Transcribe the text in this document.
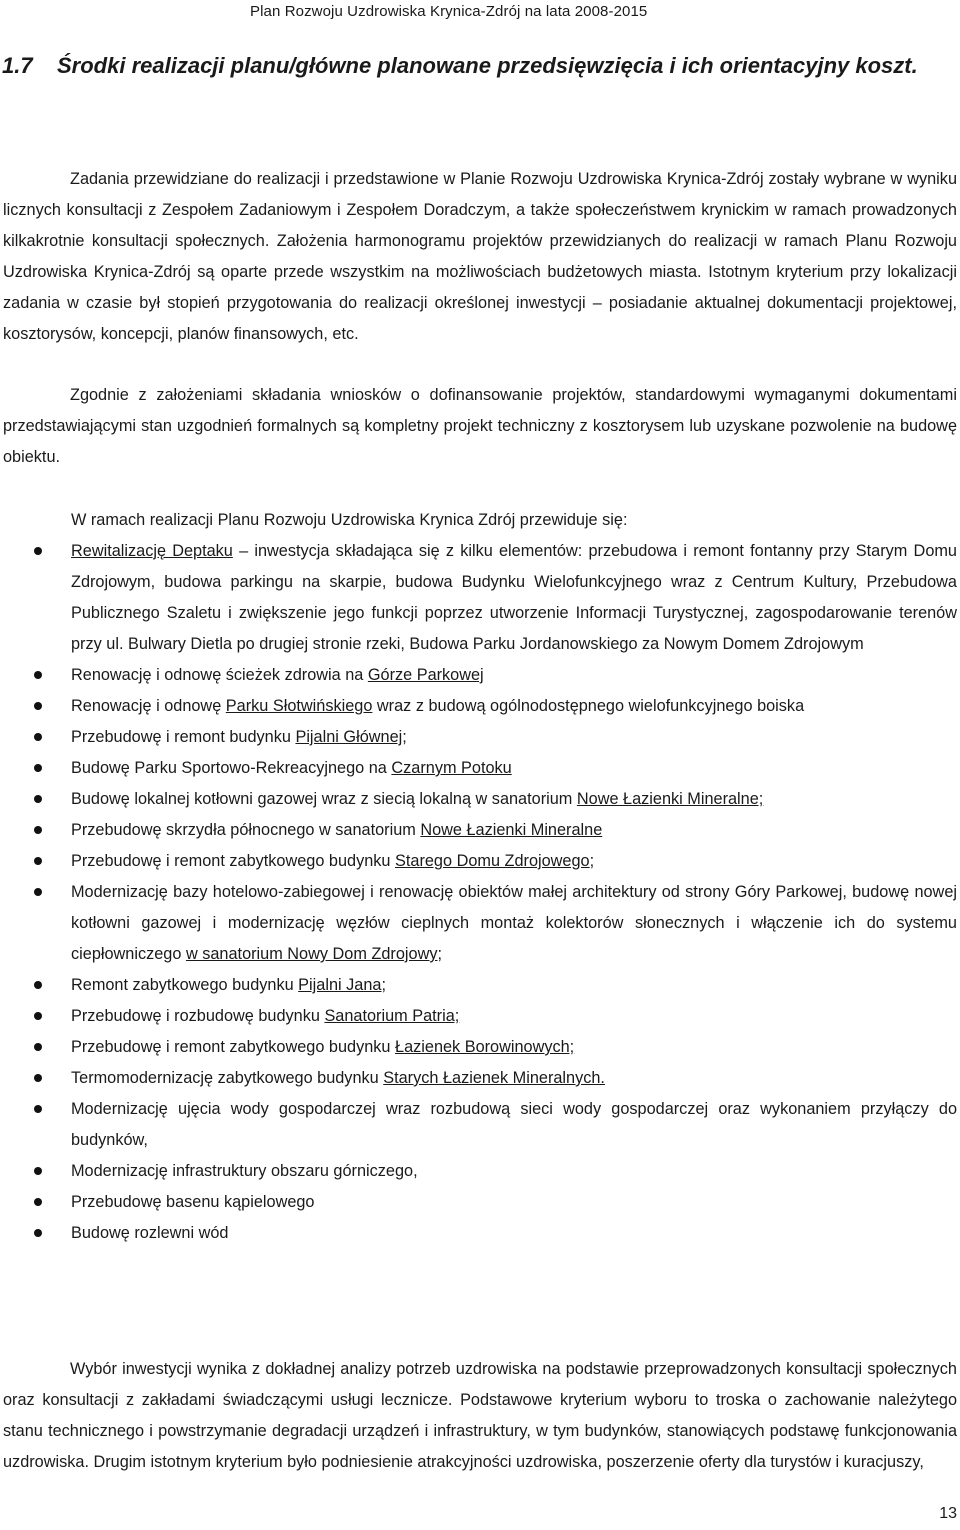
Plan Rozwoju Uzdrowiska Krynica-Zdrój na lata 2008-2015
1.7	Środki realizacji planu/główne planowane przedsięwzięcia i ich orientacyjny koszt.

Zadania przewidziane do realizacji i przedstawione w Planie Rozwoju Uzdrowiska Krynica-Zdrój zostały wybrane w wyniku licznych konsultacji z Zespołem Zadaniowym i Zespołem Doradczym, a także społeczeństwem krynickim w ramach prowadzonych kilkakrotnie konsultacji społecznych. Założenia harmonogramu projektów przewidzianych do realizacji w ramach Planu Rozwoju Uzdrowiska Krynica-Zdrój są oparte przede wszystkim na możliwościach budżetowych miasta. Istotnym kryterium przy lokalizacji zadania w czasie był stopień przygotowania do realizacji określonej inwestycji – posiadanie aktualnej dokumentacji projektowej, kosztorysów, koncepcji, planów finansowych, etc.

Zgodnie z założeniami składania wniosków o dofinansowanie projektów, standardowymi wymaganymi dokumentami przedstawiającymi stan uzgodnień formalnych są kompletny projekt techniczny z kosztorysem lub uzyskane pozwolenie na budowę obiektu.

W ramach realizacji Planu Rozwoju Uzdrowiska Krynica Zdrój przewiduje się:

Rewitalizację Deptaku – inwestycja składająca się z kilku elementów: przebudowa i remont fontanny przy Starym Domu Zdrojowym, budowa parkingu na skarpie, budowa Budynku Wielofunkcyjnego wraz z Centrum Kultury, Przebudowa Publicznego Szaletu i zwiększenie jego funkcji poprzez utworzenie Informacji Turystycznej, zagospodarowanie terenów przy ul. Bulwary Dietla po drugiej stronie rzeki, Budowa Parku Jordanowskiego za Nowym Domem Zdrojowym
Renowację i odnowę ścieżek zdrowia na Górze Parkowej
Renowację i odnowę Parku Słotwińskiego wraz z budową ogólnodostępnego wielofunkcyjnego boiska
Przebudowę i remont budynku Pijalni Głównej;
Budowę Parku Sportowo-Rekreacyjnego na Czarnym Potoku
Budowę lokalnej kotłowni gazowej wraz z siecią lokalną w sanatorium Nowe Łazienki Mineralne;
Przebudowę skrzydła północnego w sanatorium Nowe Łazienki Mineralne
Przebudowę i remont zabytkowego budynku Starego Domu Zdrojowego;
Modernizację bazy hotelowo-zabiegowej i renowację obiektów małej architektury od strony Góry Parkowej, budowę nowej kotłowni gazowej i modernizację węzłów cieplnych montaż kolektorów słonecznych i włączenie ich do systemu ciepłowniczego w sanatorium Nowy Dom Zdrojowy;
Remont zabytkowego budynku Pijalni Jana;
Przebudowę i rozbudowę budynku Sanatorium Patria;
Przebudowę i remont zabytkowego budynku Łazienek Borowinowych;
Termomodernizację zabytkowego budynku Starych Łazienek Mineralnych.
Modernizację ujęcia wody gospodarczej wraz rozbudową sieci wody gospodarczej oraz wykonaniem przyłączy do budynków,
Modernizację infrastruktury obszaru górniczego,
Przebudowę basenu kąpielowego
Budowę rozlewni wód

Wybór inwestycji wynika z dokładnej analizy potrzeb uzdrowiska na podstawie przeprowadzonych konsultacji społecznych oraz konsultacji z zakładami świadczącymi usługi lecznicze. Podstawowe kryterium wyboru to troska o zachowanie należytego stanu technicznego i powstrzymanie degradacji urządzeń i infrastruktury, w tym budynków, stanowiących podstawę funkcjonowania uzdrowiska. Drugim istotnym kryterium było podniesienie atrakcyjności uzdrowiska, poszerzenie oferty dla turystów i kuracjuszy,

13
